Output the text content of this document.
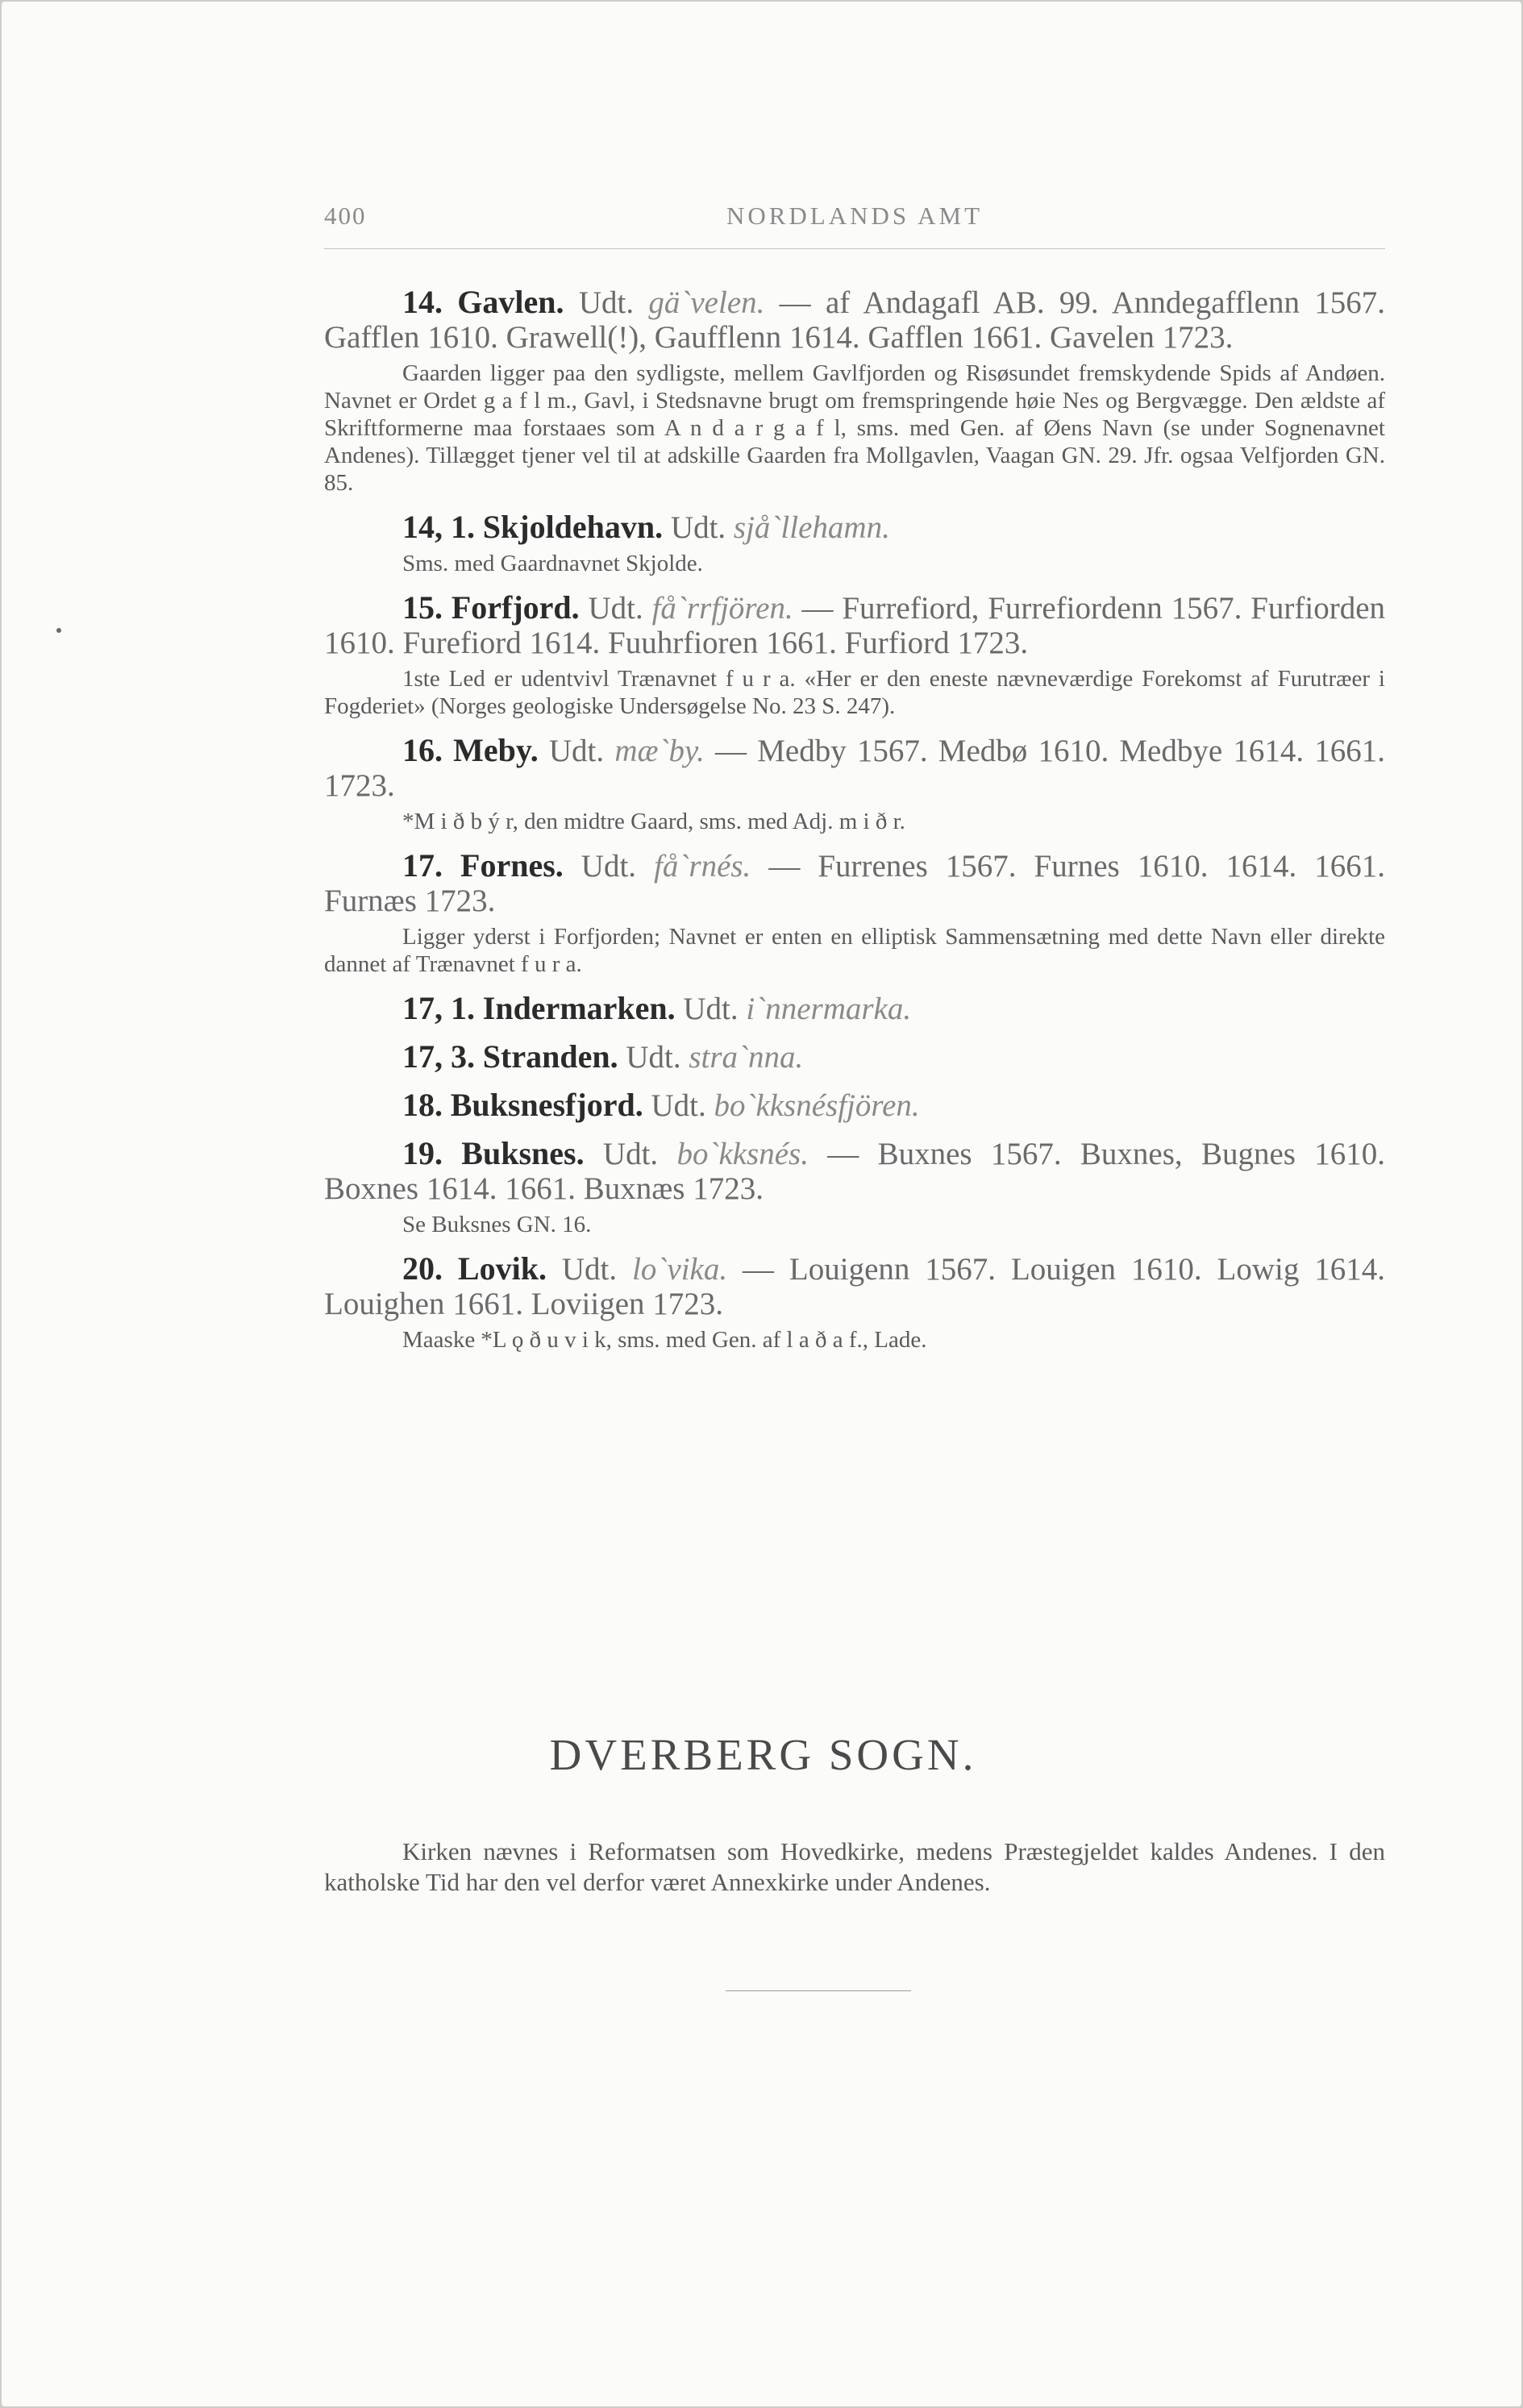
400	NORDLANDS AMT

14. Gavlen. Udt. gä`velen. — af Andagafl AB. 99. Anndegafflenn 1567. Gafflen 1610. Grawell(!), Gaufflenn 1614. Gafflen 1661. Gavelen 1723.

Gaarden ligger paa den sydligste, mellem Gavlfjorden og Risøsundet fremskydende Spids af Andøen. Navnet er Ordet g a f l m., Gavl, i Stedsnavne brugt om fremspringende høie Nes og Bergvægge. Den ældste af Skriftformerne maa forstaaes som A n d a r g a f l, sms. med Gen. af Øens Navn (se under Sognenavnet Andenes). Tillægget tjener vel til at adskille Gaarden fra Mollgavlen, Vaagan GN. 29. Jfr. ogsaa Velfjorden GN. 85.

14, 1. Skjoldehavn. Udt. sjå`llehamn.

Sms. med Gaardnavnet Skjolde.

15. Forfjord. Udt. få`rrfjören. — Furrefiord, Furrefiordenn 1567. Furfiorden 1610. Furefiord 1614. Fuuhrfioren 1661. Furfiord 1723.

1ste Led er udentvivl Trænavnet f u r a. «Her er den eneste nævneværdige Forekomst af Furutræer i Fogderiet» (Norges geologiske Undersøgelse No. 23 S. 247).

16. Meby. Udt. mæ`by. — Medby 1567. Medbø 1610. Medbye 1614. 1661. 1723.

*M i ð b ý r, den midtre Gaard, sms. med Adj. m i ð r.

17. Fornes. Udt. få`rnés. — Furrenes 1567. Furnes 1610. 1614. 1661. Furnæs 1723.

Ligger yderst i Forfjorden; Navnet er enten en elliptisk Sammensætning med dette Navn eller direkte dannet af Trænavnet f u r a.

17, 1. Indermarken. Udt. i`nnermarka.

17, 3. Stranden. Udt. stra`nna.

18. Buksnesfjord. Udt. bo`kksnésfjören.

19. Buksnes. Udt. bo`kksnés. — Buxnes 1567. Buxnes, Bugnes 1610. Boxnes 1614. 1661. Buxnæs 1723.

Se Buksnes GN. 16.

20. Lovik. Udt. lo`vika. — Louigenn 1567. Louigen 1610. Lowig 1614. Louighen 1661. Loviigen 1723.

Maaske *L ǫ ð u v i k, sms. med Gen. af l a ð a f., Lade.

DVERBERG SOGN.

Kirken nævnes i Reformatsen som Hovedkirke, medens Præstegjeldet kaldes Andenes. I den katholske Tid har den vel derfor været Annexkirke under Andenes.
